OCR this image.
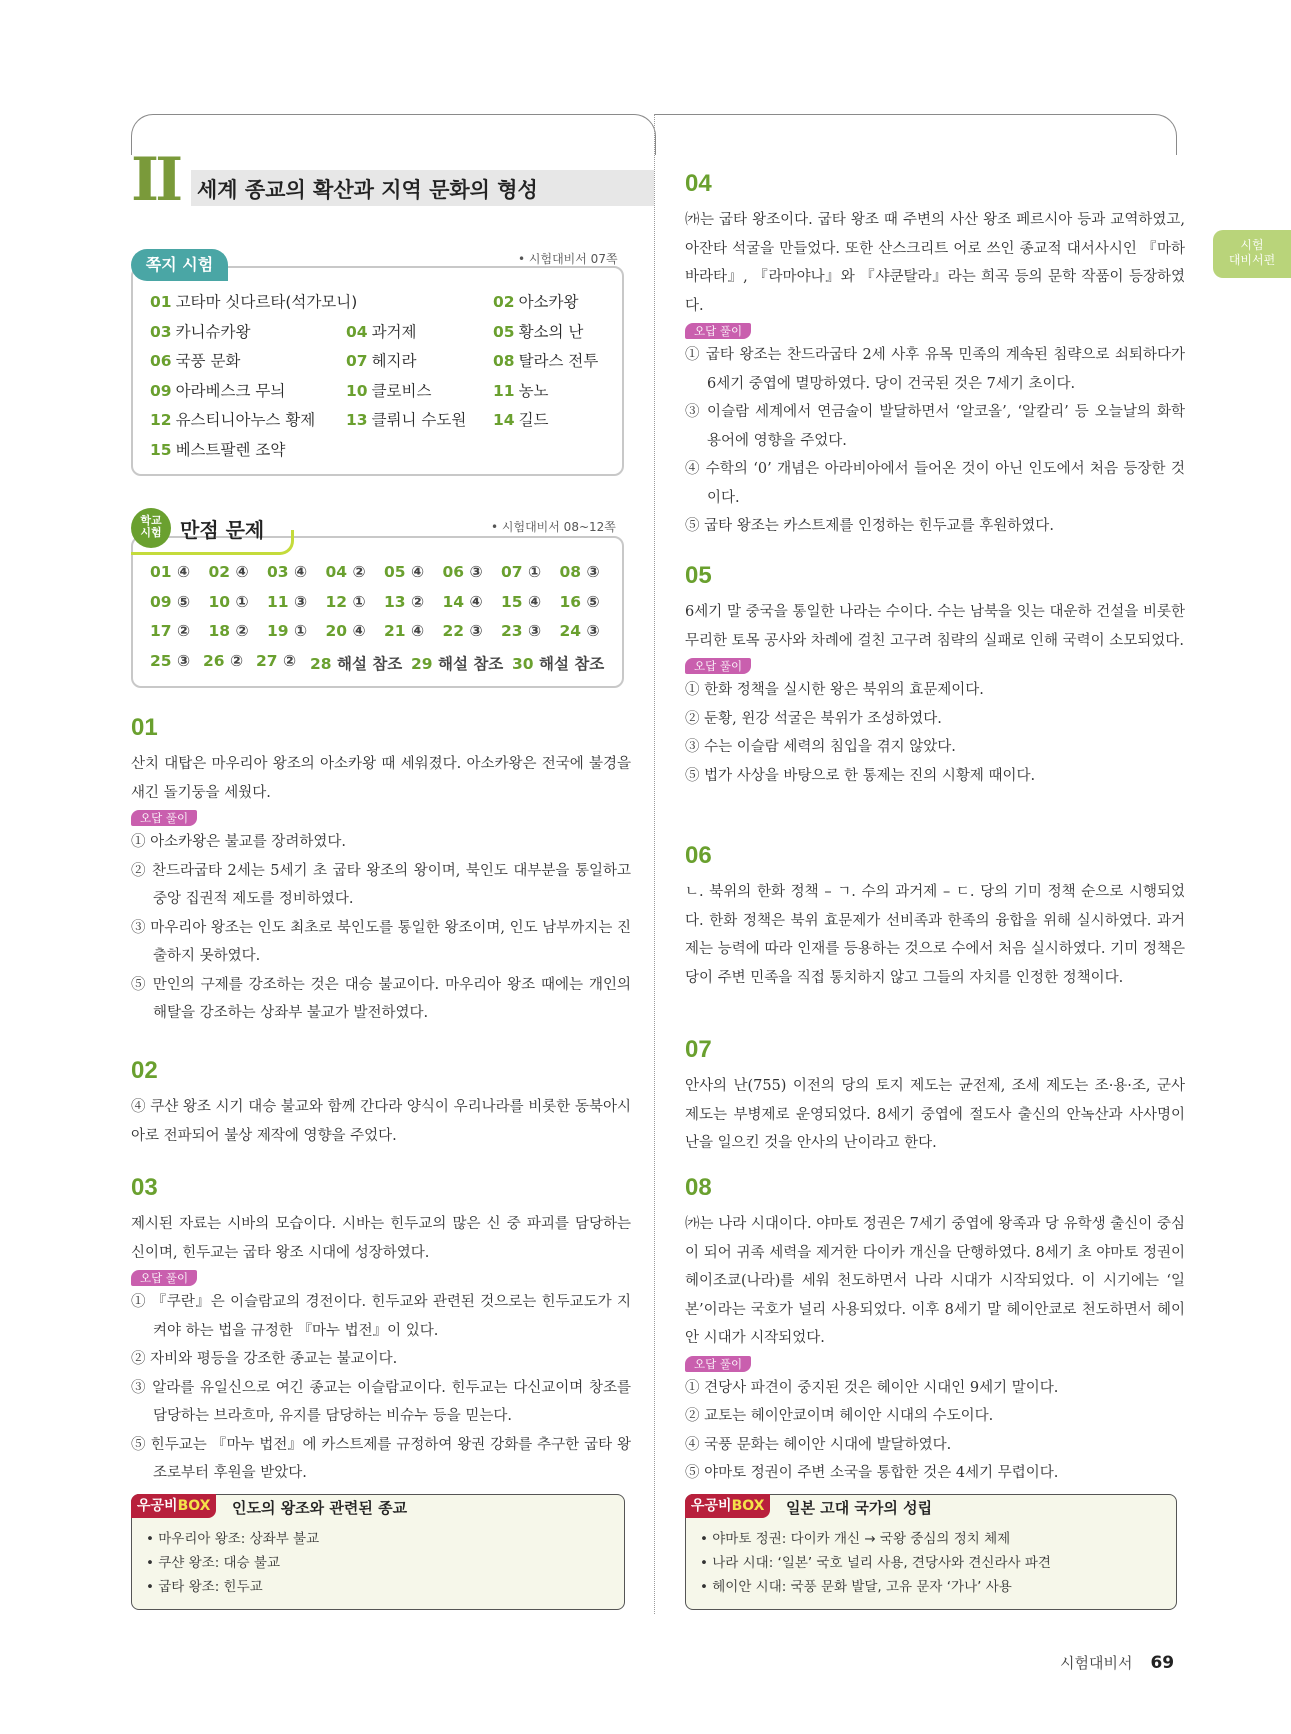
시험
대비서편
II 세계 종교의 확산과 지역 문화의 형성
쪽지 시험	• 시험대비서 07쪽
01 고타마 싯다르타(석가모니)	02 아소카왕
03 카니슈카왕	04 과거제	05 황소의 난
06 국풍 문화	07 헤지라	08 탈라스 전투
09 아라베스크 무늬	10 클로비스	11 농노
12 유스티니아누스 황제 13 클뤼니 수도원 14 길드
15 베스트팔렌 조약
학교
시험 만점 문제	• 시험대비서 08~12쪽
01 ④ 02 ④ 03 ④ 04 ② 05 ④ 06 ③ 07 ① 08 ③
09 ⑤ 10 ① 11 ③ 12 ① 13 ② 14 ④ 15 ④ 16 ⑤
17 ② 18 ② 19 ① 20 ④ 21 ④ 22 ③ 23 ③ 24 ③
25 ③ 26 ② 27 ② 28 해설 참조 29 해설 참조 30 해설 참조
01
산치 대탑은 마우리아 왕조의 아소카왕 때 세워졌다. 아소카왕은 전국에 불경을 새긴 돌기둥을 세웠다.
오답 풀이
① 아소카왕은 불교를 장려하였다.
② 찬드라굽타 2세는 5세기 초 굽타 왕조의 왕이며, 북인도 대부분을 통일하고 중앙 집권적 제도를 정비하였다.
③ 마우리아 왕조는 인도 최초로 북인도를 통일한 왕조이며, 인도 남부까지는 진출하지 못하였다.
⑤ 만인의 구제를 강조하는 것은 대승 불교이다. 마우리아 왕조 때에는 개인의 해탈을 강조하는 상좌부 불교가 발전하였다.
02
④ 쿠샨 왕조 시기 대승 불교와 함께 간다라 양식이 우리나라를 비롯한 동북아시아로 전파되어 불상 제작에 영향을 주었다.
03
제시된 자료는 시바의 모습이다. 시바는 힌두교의 많은 신 중 파괴를 담당하는 신이며, 힌두교는 굽타 왕조 시대에 성장하였다.
오답 풀이
① 『쿠란』은 이슬람교의 경전이다. 힌두교와 관련된 것으로는 힌두교도가 지켜야 하는 법을 규정한 『마누 법전』이 있다.
② 자비와 평등을 강조한 종교는 불교이다.
③ 알라를 유일신으로 여긴 종교는 이슬람교이다. 힌두교는 다신교이며 창조를 담당하는 브라흐마, 유지를 담당하는 비슈누 등을 믿는다.
⑤ 힌두교는 『마누 법전』에 카스트제를 규정하여 왕권 강화를 추구한 굽타 왕조로부터 후원을 받았다.
우공비BOX	인도의 왕조와 관련된 종교
• 마우리아 왕조: 상좌부 불교
• 쿠샨 왕조: 대승 불교
• 굽타 왕조: 힌두교
04
㈎는 굽타 왕조이다. 굽타 왕조 때 주변의 사산 왕조 페르시아 등과 교역하였고, 아잔타 석굴을 만들었다. 또한 산스크리트 어로 쓰인 종교적 대서사시인 『마하바라타』, 『라마야나』와 『샤쿤탈라』라는 희곡 등의 문학 작품이 등장하였다.
오답 풀이
① 굽타 왕조는 찬드라굽타 2세 사후 유목 민족의 계속된 침략으로 쇠퇴하다가 6세기 중엽에 멸망하였다. 당이 건국된 것은 7세기 초이다.
③ 이슬람 세계에서 연금술이 발달하면서 ‘알코올’, ‘알칼리’ 등 오늘날의 화학 용어에 영향을 주었다.
④ 수학의 ‘0’ 개념은 아라비아에서 들어온 것이 아닌 인도에서 처음 등장한 것이다.
⑤ 굽타 왕조는 카스트제를 인정하는 힌두교를 후원하였다.
05
6세기 말 중국을 통일한 나라는 수이다. 수는 남북을 잇는 대운하 건설을 비롯한 무리한 토목 공사와 차례에 걸친 고구려 침략의 실패로 인해 국력이 소모되었다.
오답 풀이
① 한화 정책을 실시한 왕은 북위의 효문제이다.
② 둔황, 윈강 석굴은 북위가 조성하였다.
③ 수는 이슬람 세력의 침입을 겪지 않았다.
⑤ 법가 사상을 바탕으로 한 통제는 진의 시황제 때이다.
06
ㄴ. 북위의 한화 정책 – ㄱ. 수의 과거제 – ㄷ. 당의 기미 정책 순으로 시행되었다. 한화 정책은 북위 효문제가 선비족과 한족의 융합을 위해 실시하였다. 과거제는 능력에 따라 인재를 등용하는 것으로 수에서 처음 실시하였다. 기미 정책은 당이 주변 민족을 직접 통치하지 않고 그들의 자치를 인정한 정책이다.
07
안사의 난(755) 이전의 당의 토지 제도는 균전제, 조세 제도는 조·용·조, 군사 제도는 부병제로 운영되었다. 8세기 중엽에 절도사 출신의 안녹산과 사사명이 난을 일으킨 것을 안사의 난이라고 한다.
08
㈎는 나라 시대이다. 야마토 정권은 7세기 중엽에 왕족과 당 유학생 출신이 중심이 되어 귀족 세력을 제거한 다이카 개신을 단행하였다. 8세기 초 야마토 정권이 헤이조쿄(나라)를 세워 천도하면서 나라 시대가 시작되었다. 이 시기에는 ‘일본’이라는 국호가 널리 사용되었다. 이후 8세기 말 헤이안쿄로 천도하면서 헤이안 시대가 시작되었다.
오답 풀이
① 견당사 파견이 중지된 것은 헤이안 시대인 9세기 말이다.
② 교토는 헤이안쿄이며 헤이안 시대의 수도이다.
④ 국풍 문화는 헤이안 시대에 발달하였다.
⑤ 야마토 정권이 주변 소국을 통합한 것은 4세기 무렵이다.
우공비BOX	일본 고대 국가의 성립
• 야마토 정권: 다이카 개신 → 국왕 중심의 정치 체제
• 나라 시대: ‘일본’ 국호 널리 사용, 견당사와 견신라사 파견
• 헤이안 시대: 국풍 문화 발달, 고유 문자 ‘가나’ 사용
시험대비서 69
